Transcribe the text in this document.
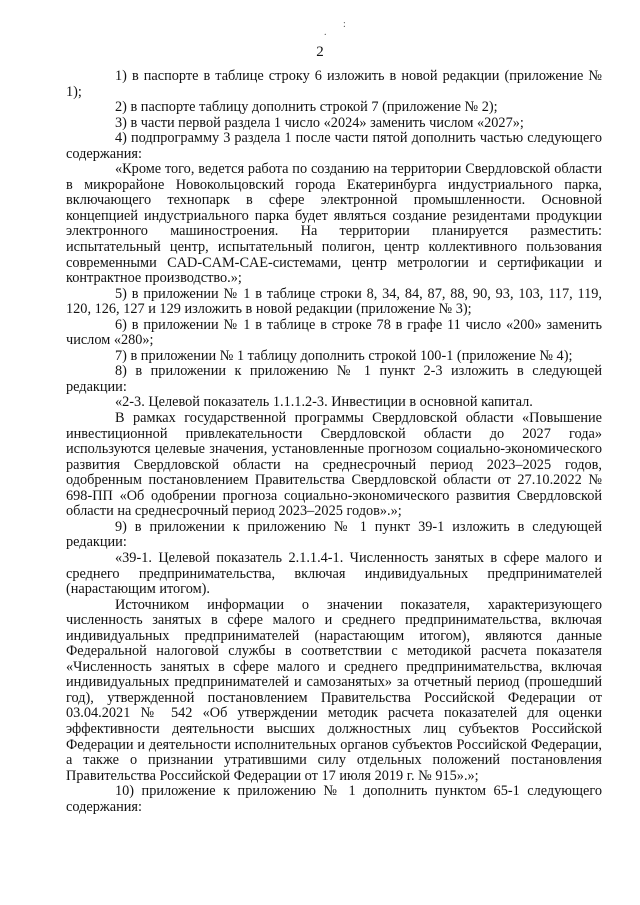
:
.
2

1) в паспорте в таблице строку 6 изложить в новой редакции (приложение № 1);

2) в паспорте таблицу дополнить строкой 7 (приложение № 2);

3) в части первой раздела 1 число «2024» заменить числом «2027»;

4) подпрограмму 3 раздела 1 после части пятой дополнить частью следующего содержания:

«Кроме того, ведется работа по созданию на территории Свердловской области в микрорайоне Новокольцовский города Екатеринбурга индустриального парка, включающего технопарк в сфере электронной промышленности. Основной концепцией индустриального парка будет являться создание резидентами продукции электронного машиностроения. На территории планируется разместить: испытательный центр, испытательный полигон, центр коллективного пользования современными CAD-CAM-CAE-системами, центр метрологии и сертификации и контрактное производство.»;

5) в приложении № 1 в таблице строки 8, 34, 84, 87, 88, 90, 93, 103, 117, 119, 120, 126, 127 и 129 изложить в новой редакции (приложение № 3);

6) в приложении № 1 в таблице в строке 78 в графе 11 число «200» заменить числом «280»;

7) в приложении № 1 таблицу дополнить строкой 100-1 (приложение № 4);

8) в приложении к приложению № 1 пункт 2-3 изложить в следующей редакции:

«2-3. Целевой показатель 1.1.1.2-3. Инвестиции в основной капитал.

В рамках государственной программы Свердловской области «Повышение инвестиционной привлекательности Свердловской области до 2027 года» используются целевые значения, установленные прогнозом социально-экономического развития Свердловской области на среднесрочный период 2023–2025 годов, одобренным постановлением Правительства Свердловской области от 27.10.2022 № 698-ПП «Об одобрении прогноза социально-экономического развития Свердловской области на среднесрочный период 2023–2025 годов».»;

9) в приложении к приложению № 1 пункт 39-1 изложить в следующей редакции:

«39-1. Целевой показатель 2.1.1.4-1. Численность занятых в сфере малого и среднего предпринимательства, включая индивидуальных предпринимателей (нарастающим итогом).

Источником информации о значении показателя, характеризующего численность занятых в сфере малого и среднего предпринимательства, включая индивидуальных предпринимателей (нарастающим итогом), являются данные Федеральной налоговой службы в соответствии с методикой расчета показателя «Численность занятых в сфере малого и среднего предпринимательства, включая индивидуальных предпринимателей и самозанятых» за отчетный период (прошедший год), утвержденной постановлением Правительства Российской Федерации от 03.04.2021 № 542 «Об утверждении методик расчета показателей для оценки эффективности деятельности высших должностных лиц субъектов Российской Федерации и деятельности исполнительных органов субъектов Российской Федерации, а также о признании утратившими силу отдельных положений постановления Правительства Российской Федерации от 17 июля 2019 г. № 915».»;

10) приложение к приложению № 1 дополнить пунктом 65-1 следующего содержания:
